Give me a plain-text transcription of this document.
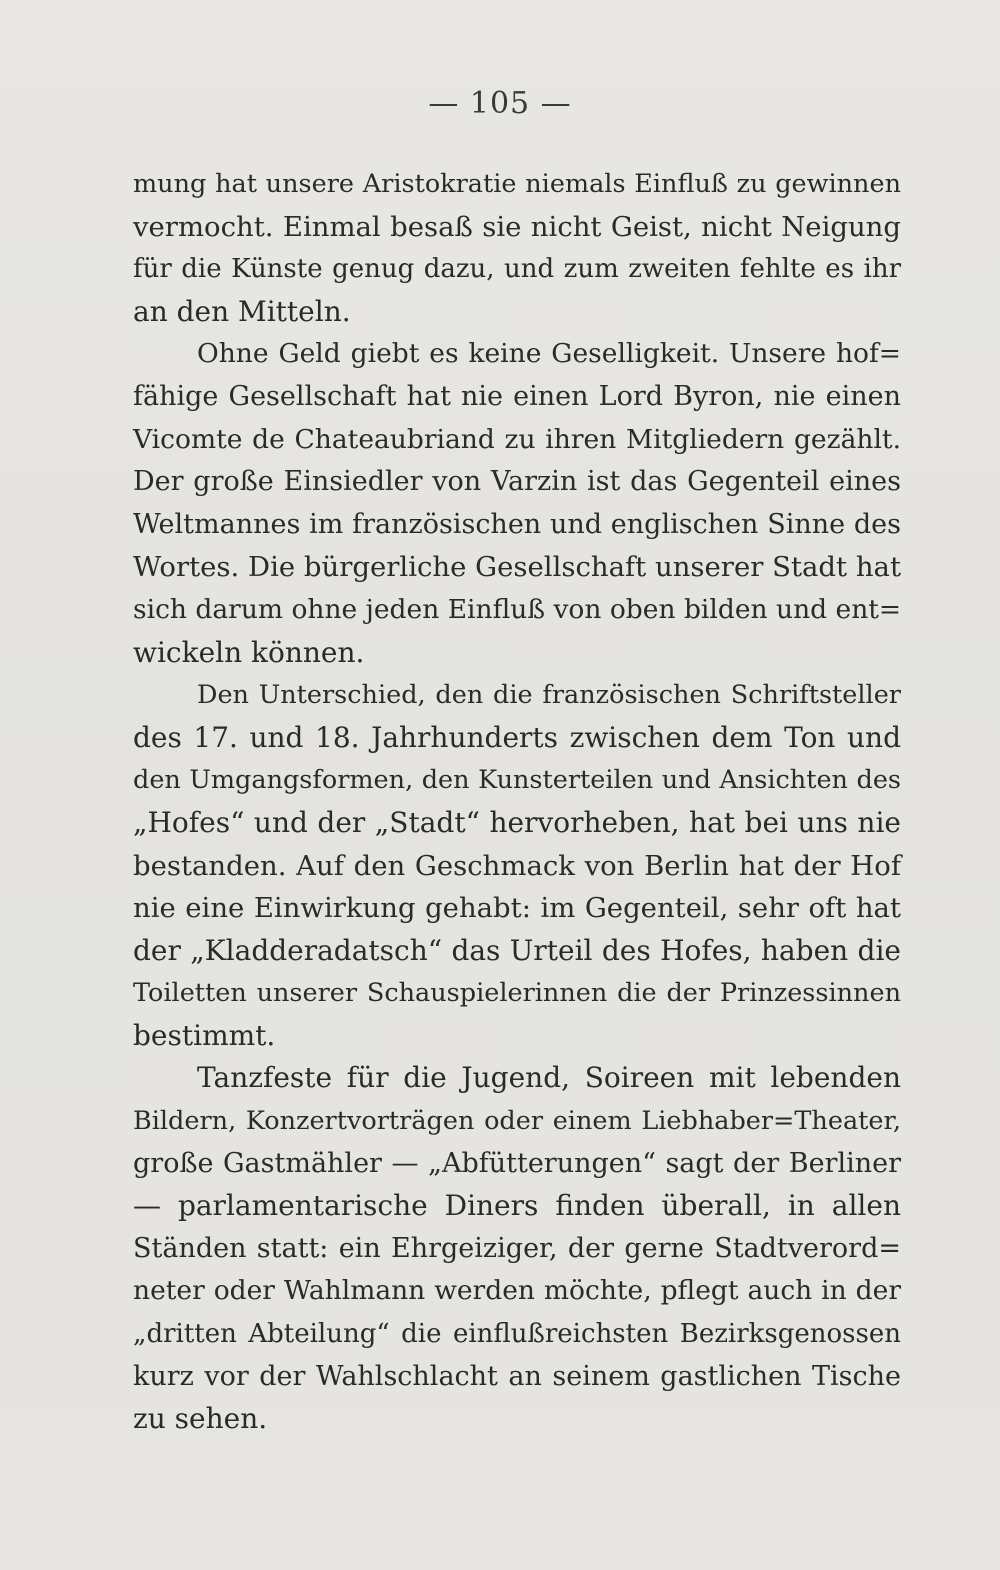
— 105 —
mung hat unsere Aristokratie niemals Einfluß zu gewinnen
vermocht. Einmal besaß sie nicht Geist, nicht Neigung
für die Künste genug dazu, und zum zweiten fehlte es ihr
an den Mitteln.
Ohne Geld giebt es keine Geselligkeit. Unsere hof=
fähige Gesellschaft hat nie einen Lord Byron, nie einen
Vicomte de Chateaubriand zu ihren Mitgliedern gezählt.
Der große Einsiedler von Varzin ist das Gegenteil eines
Weltmannes im französischen und englischen Sinne des
Wortes. Die bürgerliche Gesellschaft unserer Stadt hat
sich darum ohne jeden Einfluß von oben bilden und ent=
wickeln können.
Den Unterschied, den die französischen Schriftsteller
des 17. und 18. Jahrhunderts zwischen dem Ton und
den Umgangsformen, den Kunsterteilen und Ansichten des
„Hofes“ und der „Stadt“ hervorheben, hat bei uns nie
bestanden. Auf den Geschmack von Berlin hat der Hof
nie eine Einwirkung gehabt: im Gegenteil, sehr oft hat
der „Kladderadatsch“ das Urteil des Hofes, haben die
Toiletten unserer Schauspielerinnen die der Prinzessinnen
bestimmt.
Tanzfeste für die Jugend, Soireen mit lebenden
Bildern, Konzertvorträgen oder einem Liebhaber=Theater,
große Gastmähler — „Abfütterungen“ sagt der Berliner
— parlamentarische Diners finden überall, in allen
Ständen statt: ein Ehrgeiziger, der gerne Stadtverord=
neter oder Wahlmann werden möchte, pflegt auch in der
„dritten Abteilung“ die einflußreichsten Bezirksgenossen
kurz vor der Wahlschlacht an seinem gastlichen Tische
zu sehen.
